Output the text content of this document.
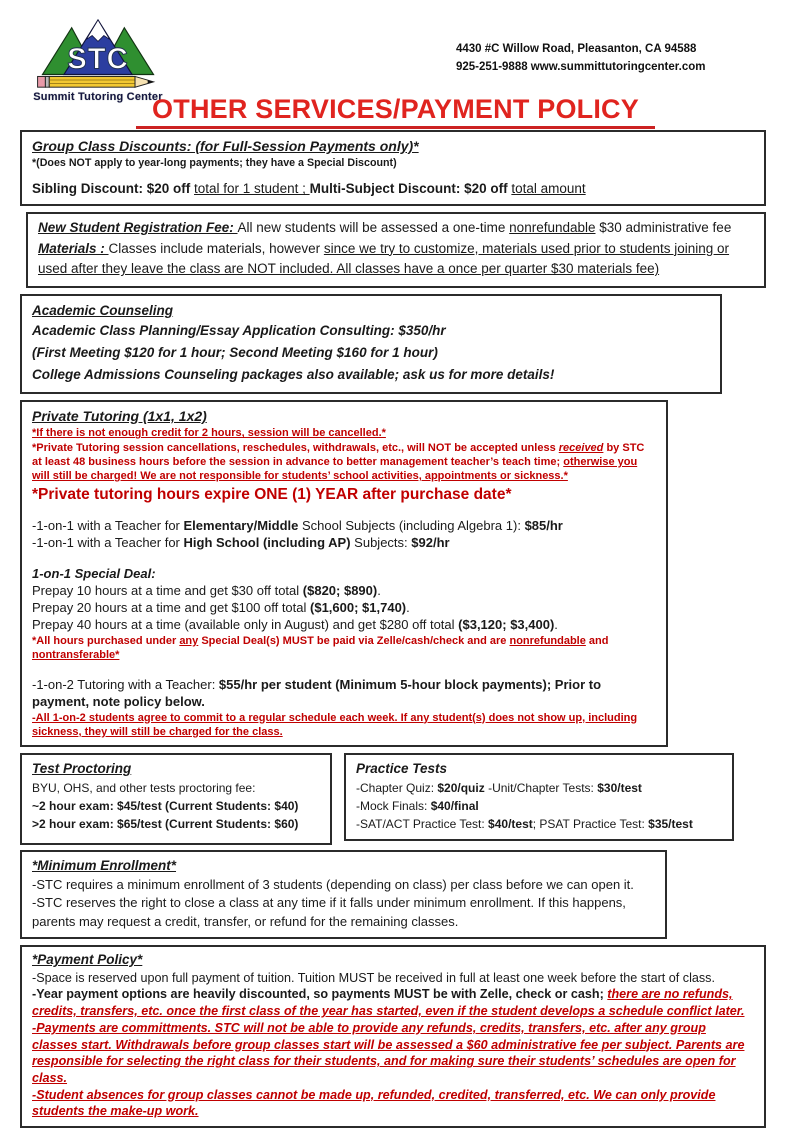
STC
Summit Tutoring Center
4430 #C Willow Road, Pleasanton, CA 94588
925-251-9888 www.summittutoringcenter.com
OTHER SERVICES/PAYMENT POLICY
Group Class Discounts: (for Full-Session Payments only)*
*(Does NOT apply to year-long payments; they have a Special Discount)
Sibling Discount: $20 off total for 1 student ; Multi-Subject Discount: $20 off total amount
New Student Registration Fee: All new students will be assessed a one-time nonrefundable $30 administrative fee
Materials : Classes include materials, however since we try to customize, materials used prior to students joining or used after they leave the class are NOT included. All classes have a once per quarter $30 materials fee)
Academic Counseling
Academic Class Planning/Essay Application Consulting: $350/hr
(First Meeting $120 for 1 hour; Second Meeting $160 for 1 hour)
College Admissions Counseling packages also available; ask us for more details!
Private Tutoring (1x1, 1x2)
*If there is not enough credit for 2 hours, session will be cancelled.*
*Private Tutoring session cancellations, reschedules, withdrawals, etc., will NOT be accepted unless received by STC at least 48 business hours before the session in advance to better management teacher’s teach time; otherwise you will still be charged! We are not responsible for students’ school activities, appointments or sickness.*
*Private tutoring hours expire ONE (1) YEAR after purchase date*
-1-on-1 with a Teacher for Elementary/Middle School Subjects (including Algebra 1): $85/hr
-1-on-1 with a Teacher for High School (including AP) Subjects: $92/hr
1-on-1 Special Deal:
Prepay 10 hours at a time and get $30 off total ($820; $890).
Prepay 20 hours at a time and get $100 off total ($1,600; $1,740).
Prepay 40 hours at a time (available only in August) and get $280 off total ($3,120; $3,400).
*All hours purchased under any Special Deal(s) MUST be paid via Zelle/cash/check and are nonrefundable and nontransferable*
-1-on-2 Tutoring with a Teacher: $55/hr per student (Minimum 5-hour block payments); Prior to payment, note policy below.
-All 1-on-2 students agree to commit to a regular schedule each week. If any student(s) does not show up, including sickness, they will still be charged for the class.
Test Proctoring
BYU, OHS, and other tests proctoring fee:
~2 hour exam: $45/test (Current Students: $40)
>2 hour exam: $65/test (Current Students: $60)
Practice Tests
-Chapter Quiz: $20/quiz -Unit/Chapter Tests: $30/test
-Mock Finals: $40/final
-SAT/ACT Practice Test: $40/test; PSAT Practice Test: $35/test
*Minimum Enrollment*
-STC requires a minimum enrollment of 3 students (depending on class) per class before we can open it.
-STC reserves the right to close a class at any time if it falls under minimum enrollment. If this happens, parents may request a credit, transfer, or refund for the remaining classes.
*Payment Policy*
-Space is reserved upon full payment of tuition. Tuition MUST be received in full at least one week before the start of class.
-Year payment options are heavily discounted, so payments MUST be with Zelle, check or cash; there are no refunds, credits, transfers, etc. once the first class of the year has started, even if the student develops a schedule conflict later.
-Payments are committments. STC will not be able to provide any refunds, credits, transfers, etc. after any group classes start. Withdrawals before group classes start will be assessed a $60 administrative fee per subject. Parents are responsible for selecting the right class for their students, and for making sure their students’ schedules are open for class.
-Student absences for group classes cannot be made up, refunded, credited, transferred, etc. We can only provide students the make-up work.
